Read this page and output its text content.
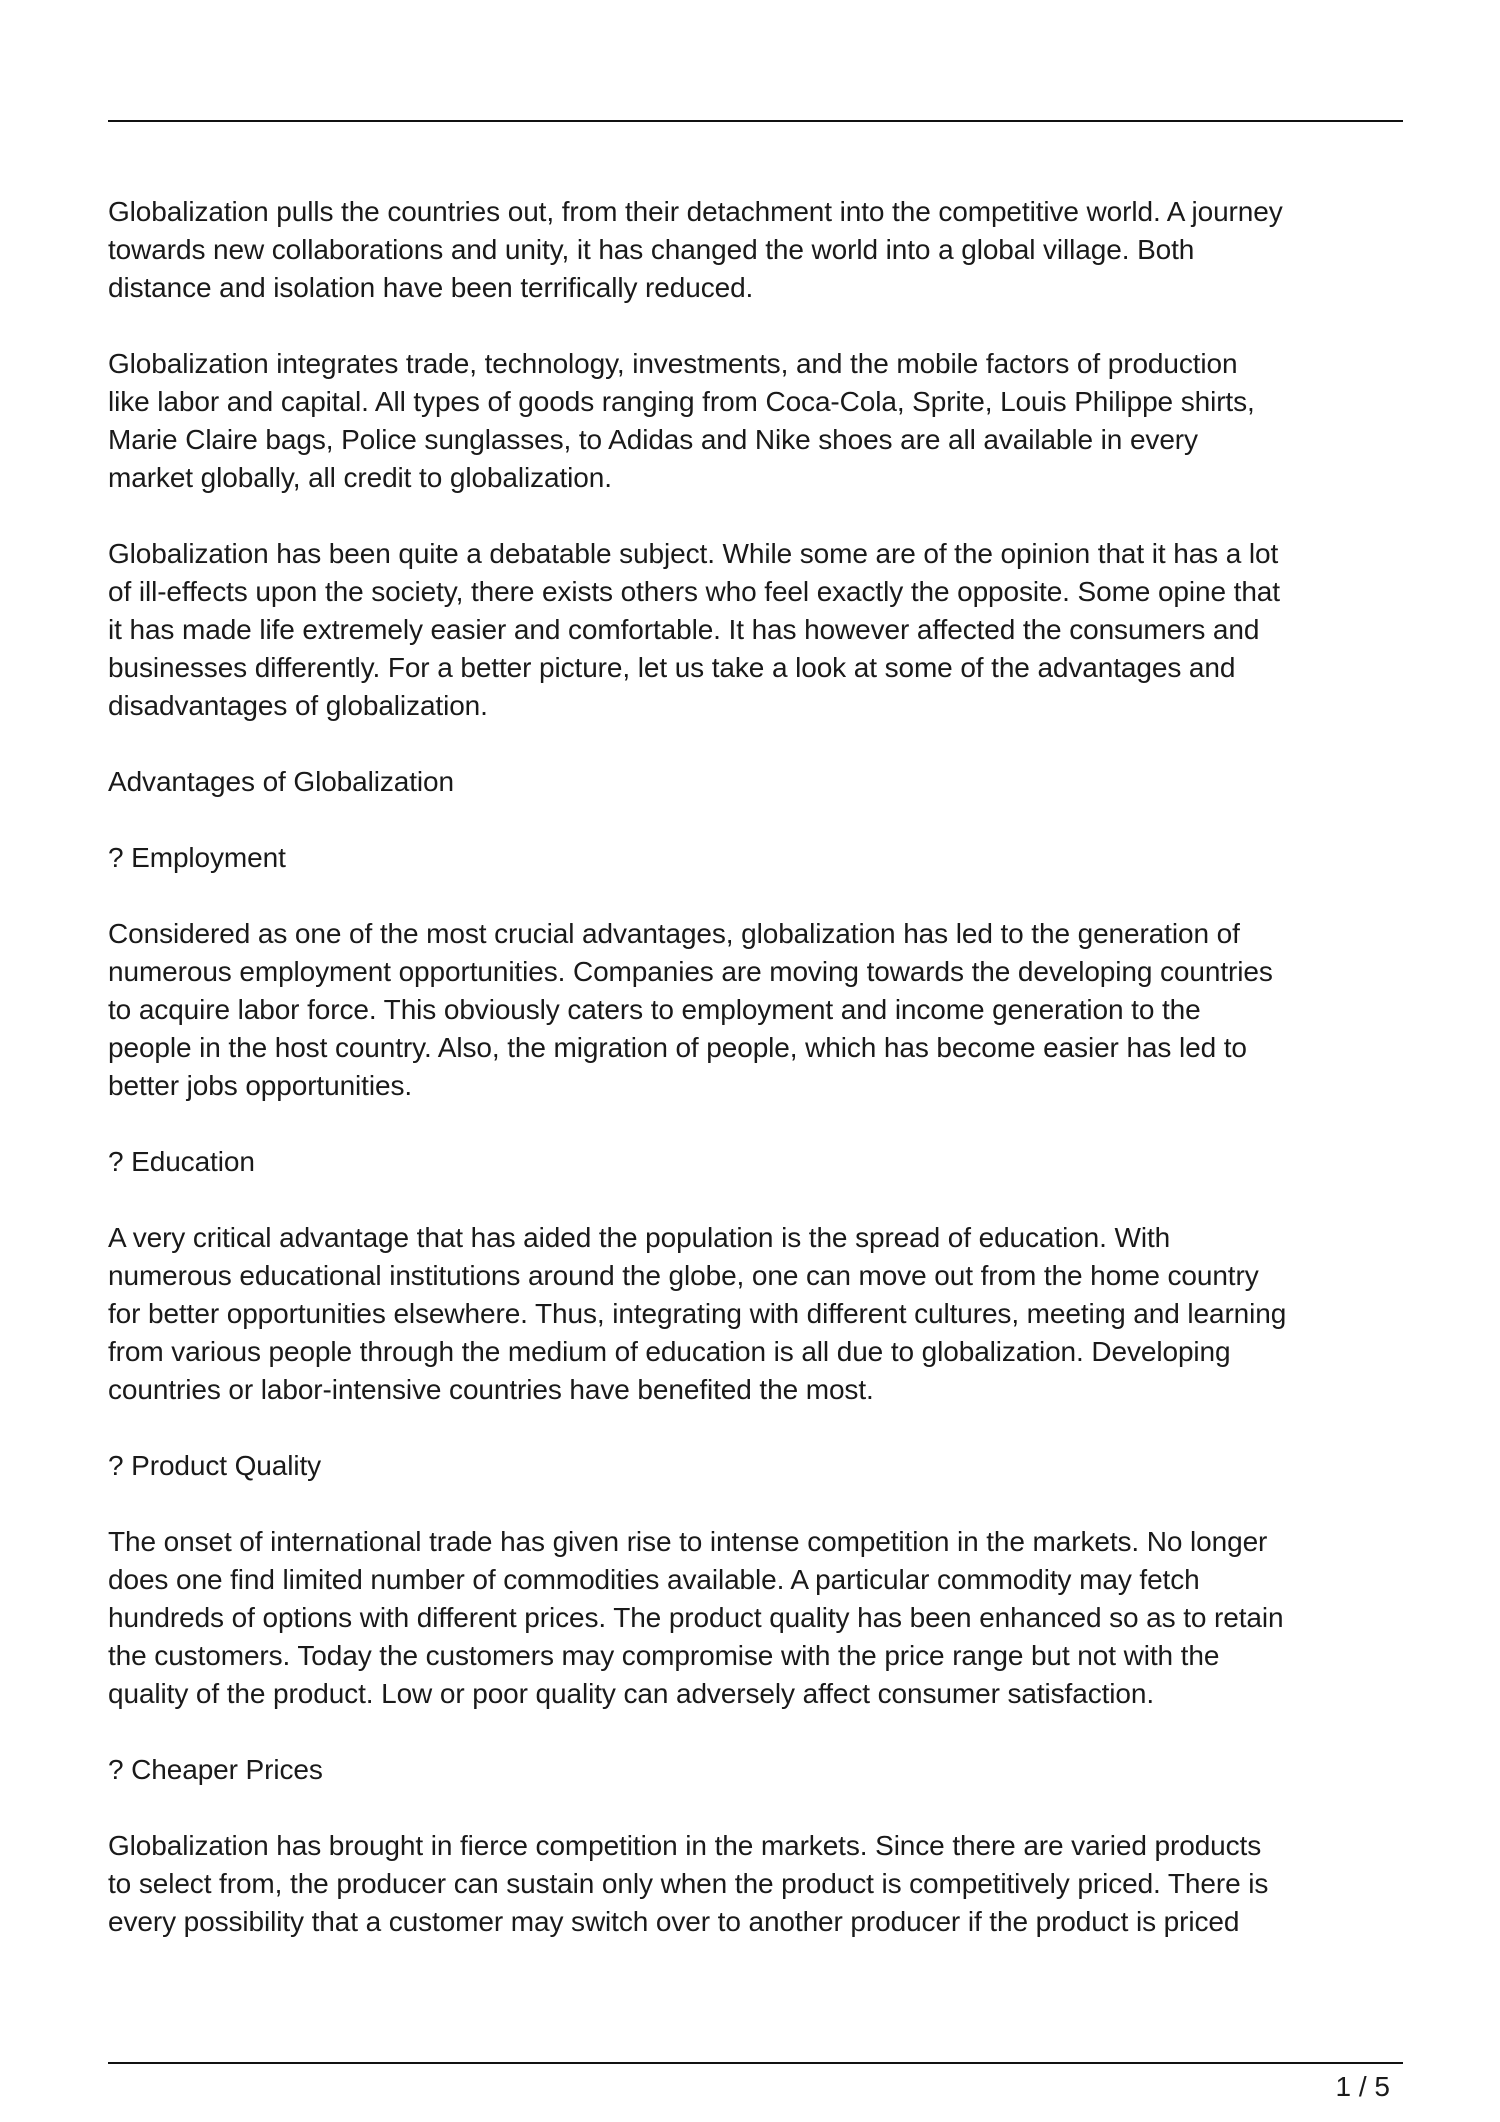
Globalization pulls the countries out, from their detachment into the competitive world. A journey
towards new collaborations and unity, it has changed the world into a global village. Both
distance and isolation have been terrifically reduced.

Globalization integrates trade, technology, investments, and the mobile factors of production
like labor and capital. All types of goods ranging from Coca-Cola, Sprite, Louis Philippe shirts,
Marie Claire bags, Police sunglasses, to Adidas and Nike shoes are all available in every
market globally, all credit to globalization.

Globalization has been quite a debatable subject. While some are of the opinion that it has a lot
of ill-effects upon the society, there exists others who feel exactly the opposite. Some opine that
it has made life extremely easier and comfortable. It has however affected the consumers and
businesses differently. For a better picture, let us take a look at some of the advantages and
disadvantages of globalization.

Advantages of Globalization

? Employment

Considered as one of the most crucial advantages, globalization has led to the generation of
numerous employment opportunities. Companies are moving towards the developing countries
to acquire labor force. This obviously caters to employment and income generation to the
people in the host country. Also, the migration of people, which has become easier has led to
better jobs opportunities.

? Education

A very critical advantage that has aided the population is the spread of education. With
numerous educational institutions around the globe, one can move out from the home country
for better opportunities elsewhere. Thus, integrating with different cultures, meeting and learning
from various people through the medium of education is all due to globalization. Developing
countries or labor-intensive countries have benefited the most.

? Product Quality

The onset of international trade has given rise to intense competition in the markets. No longer
does one find limited number of commodities available. A particular commodity may fetch
hundreds of options with different prices. The product quality has been enhanced so as to retain
the customers. Today the customers may compromise with the price range but not with the
quality of the product. Low or poor quality can adversely affect consumer satisfaction.

? Cheaper Prices

Globalization has brought in fierce competition in the markets. Since there are varied products
to select from, the producer can sustain only when the product is competitively priced. There is
every possibility that a customer may switch over to another producer if the product is priced

1 / 5
